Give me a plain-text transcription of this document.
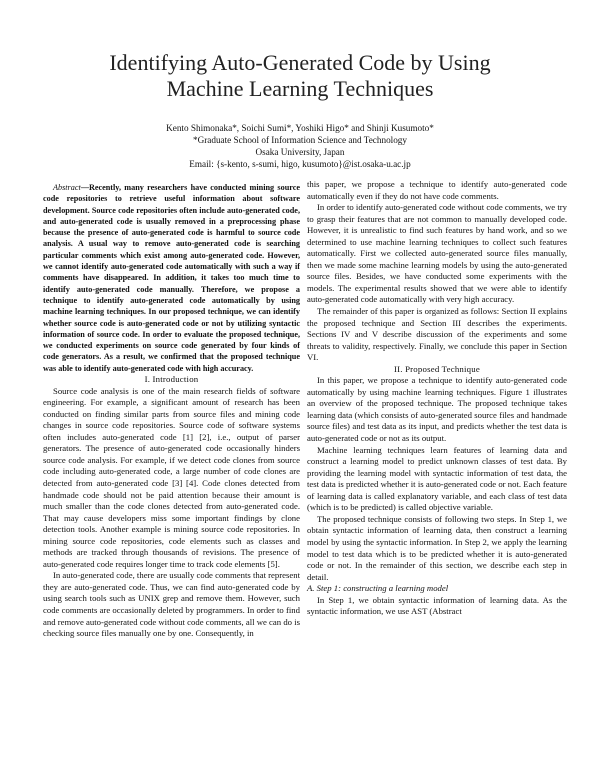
Identifying Auto-Generated Code by Using
Machine Learning Techniques
Kento Shimonaka*, Soichi Sumi*, Yoshiki Higo* and Shinji Kusumoto*
*Graduate School of Information Science and Technology
Osaka University, Japan
Email: {s-kento, s-sumi, higo, kusumoto}@ist.osaka-u.ac.jp

Abstract—Recently, many researchers have conducted mining source code repositories to retrieve useful information about software development. Source code repositories often include auto-generated code, and auto-generated code is usually removed in a preprocessing phase because the presence of auto-generated code is harmful to source code analysis. A usual way to remove auto-generated code is searching particular comments which exist among auto-generated code. However, we cannot identify auto-generated code automatically with such a way if comments have disappeared. In addition, it takes too much time to identify auto-generated code manually. Therefore, we propose a technique to identify auto-generated code automatically by using machine learning techniques. In our proposed technique, we can identify whether source code is auto-generated code or not by utilizing syntactic information of source code. In order to evaluate the proposed technique, we conducted experiments on source code generated by four kinds of code generators. As a result, we confirmed that the proposed technique was able to identify auto-generated code with high accuracy.

I. Introduction

Source code analysis is one of the main research fields of software engineering. For example, a significant amount of research has been conducted on finding similar parts from source files and mining code changes in source code repositories. Source code of software systems often includes auto-generated code [1] [2], i.e., output of parser generators. The presence of auto-generated code occasionally hinders source code analysis. For example, if we detect code clones from source code including auto-generated code, a large number of code clones are detected from auto-generated code [3] [4]. Code clones detected from handmade code should not be paid attention because their amount is much smaller than the code clones detected from auto-generated code. That may cause developers miss some important findings by clone detection tools. Another example is mining source code repositories. In mining source code repositories, code elements such as classes and methods are tracked through thousands of revisions. The presence of auto-generated code requires longer time to track code elements [5].

In auto-generated code, there are usually code comments that represent they are auto-generated code. Thus, we can find auto-generated code by using search tools such as UNIX grep and remove them. However, such code comments are occasionally deleted by programmers. In order to find and remove auto-generated code without code comments, all we can do is checking source files manually one by one. Consequently, in

this paper, we propose a technique to identify auto-generated code automatically even if they do not have code comments.

In order to identify auto-generated code without code comments, we try to grasp their features that are not common to manually developed code. However, it is unrealistic to find such features by hand work, and so we determined to use machine learning techniques to collect such features automatically. First we collected auto-generated source files manually, then we made some machine learning models by using the auto-generated source files. Besides, we have conducted some experiments with the models. The experimental results showed that we were able to identify auto-generated code automatically with very high accuracy.

The remainder of this paper is organized as follows: Section II explains the proposed technique and Section III describes the experiments. Sections IV and V describe discussion of the experiments and some threats to validity, respectively. Finally, we conclude this paper in Section VI.

II. Proposed Technique

In this paper, we propose a technique to identify auto-generated code automatically by using machine learning techniques. Figure 1 illustrates an overview of the proposed technique. The proposed technique takes learning data (which consists of auto-generated source files and handmade source files) and test data as its input, and predicts whether the test data is auto-generated code or not as its output.

Machine learning techniques learn features of learning data and construct a learning model to predict unknown classes of test data. By providing the learning model with syntactic information of test data, the test data is predicted whether it is auto-generated code or not. Each feature of learning data is called explanatory variable, and each class of test data (which is to be predicted) is called objective variable.

The proposed technique consists of following two steps. In Step 1, we obtain syntactic information of learning data, then construct a learning model by using the syntactic information. In Step 2, we apply the learning model to test data which is to be predicted whether it is auto-generated code or not. In the remainder of this section, we describe each step in detail.

A. Step 1: constructing a learning model

In Step 1, we obtain syntactic information of learning data. As the syntactic information, we use AST (Abstract
